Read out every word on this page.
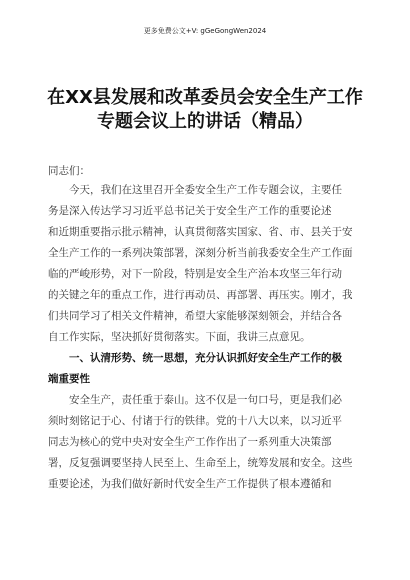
更多免费公文+V: gGeGongWen2024
在XX县发展和改革委员会安全生产工作
专题会议上的讲话（精品）
同志们：
今天，我们在这里召开全委安全生产工作专题会议，主要任
务是深入传达学习习近平总书记关于安全生产工作的重要论述
和近期重要指示批示精神，认真贯彻落实国家、省、市、县关于安
全生产工作的一系列决策部署，深刻分析当前我委安全生产工作面
临的严峻形势，对下一阶段，特别是安全生产治本攻坚三年行动
的关键之年的重点工作，进行再动员、再部署、再压实。刚才，我
们共同学习了相关文件精神，希望大家能够深刻领会，并结合各
自工作实际，坚决抓好贯彻落实。下面，我讲三点意见。
一、认清形势、统一思想，充分认识抓好安全生产工作的极
端重要性
安全生产，责任重于泰山。这不仅是一句口号，更是我们必
须时刻铭记于心、付诸于行的铁律。党的十八大以来，以习近平
同志为核心的党中央对安全生产工作作出了一系列重大决策部
署，反复强调要坚持人民至上、生命至上，统筹发展和安全。这些
重要论述，为我们做好新时代安全生产工作提供了根本遵循和
